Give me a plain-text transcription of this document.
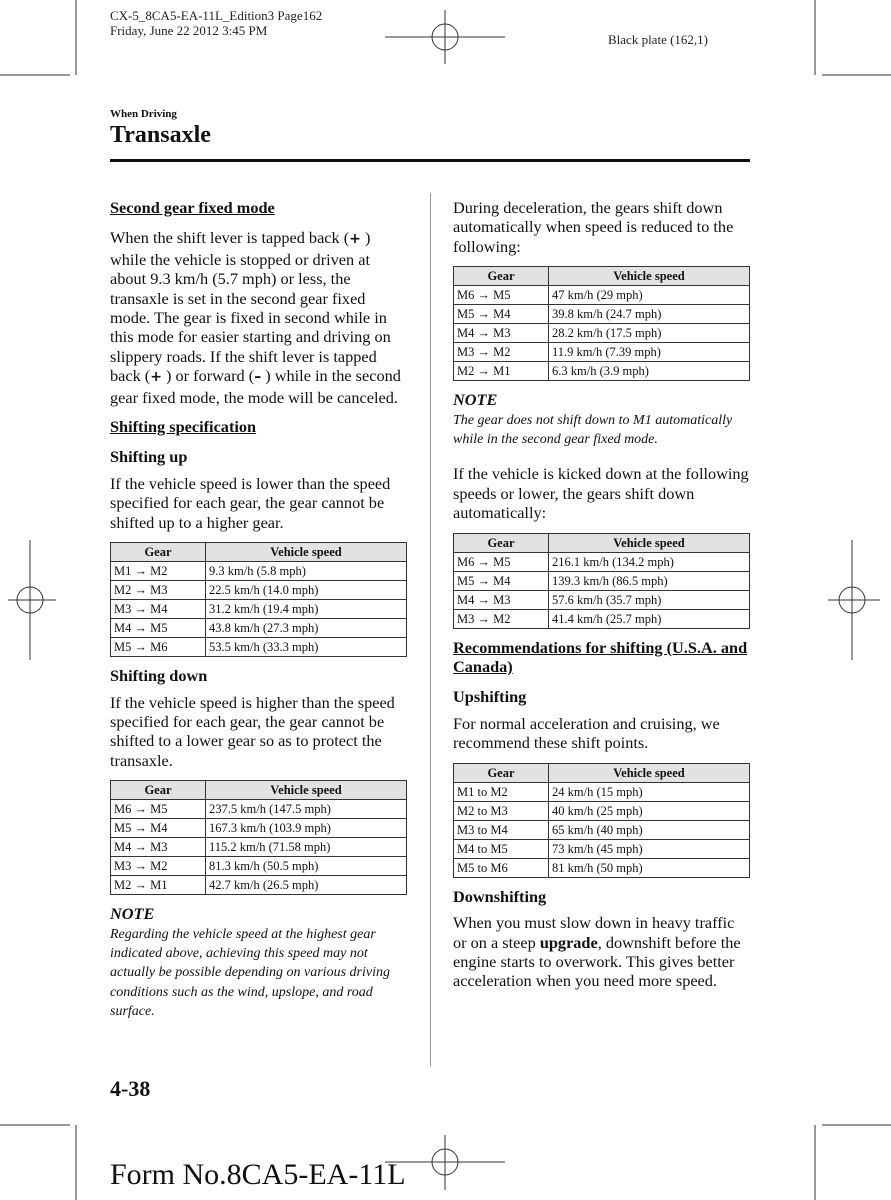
CX-5_8CA5-EA-11L_Edition3 Page162
Friday, June 22 2012 3:45 PM
Black plate (162,1)
When Driving
Transaxle
Second gear fixed mode

When the shift lever is tapped back (+ ) while the vehicle is stopped or driven at about 9.3 km/h (5.7 mph) or less, the transaxle is set in the second gear fixed mode. The gear is fixed in second while in this mode for easier starting and driving on slippery roads. If the shift lever is tapped back (+ ) or forward (– ) while in the second gear fixed mode, the mode will be canceled.

Shifting specification
Shifting up

If the vehicle speed is lower than the speed specified for each gear, the gear cannot be shifted up to a higher gear.

Gear	Vehicle speed
M1 → M2	9.3 km/h (5.8 mph)
M2 → M3	22.5 km/h (14.0 mph)
M3 → M4	31.2 km/h (19.4 mph)
M4 → M5	43.8 km/h (27.3 mph)
M5 → M6	53.5 km/h (33.3 mph)
Shifting down

If the vehicle speed is higher than the speed specified for each gear, the gear cannot be shifted to a lower gear so as to protect the transaxle.

Gear	Vehicle speed
M6 → M5	237.5 km/h (147.5 mph)
M5 → M4	167.3 km/h (103.9 mph)
M4 → M3	115.2 km/h (71.58 mph)
M3 → M2	81.3 km/h (50.5 mph)
M2 → M1	42.7 km/h (26.5 mph)
NOTE
Regarding the vehicle speed at the highest gear indicated above, achieving this speed may not actually be possible depending on various driving conditions such as the wind, upslope, and road surface.

During deceleration, the gears shift down automatically when speed is reduced to the following:

Gear	Vehicle speed
M6 → M5	47 km/h (29 mph)
M5 → M4	39.8 km/h (24.7 mph)
M4 → M3	28.2 km/h (17.5 mph)
M3 → M2	11.9 km/h (7.39 mph)
M2 → M1	6.3 km/h (3.9 mph)
NOTE
The gear does not shift down to M1 automatically while in the second gear fixed mode.

If the vehicle is kicked down at the following speeds or lower, the gears shift down automatically:

Gear	Vehicle speed
M6 → M5	216.1 km/h (134.2 mph)
M5 → M4	139.3 km/h (86.5 mph)
M4 → M3	57.6 km/h (35.7 mph)
M3 → M2	41.4 km/h (25.7 mph)
Recommendations for shifting (U.S.A. and Canada)
Upshifting

For normal acceleration and cruising, we recommend these shift points.

Gear	Vehicle speed
M1 to M2	24 km/h (15 mph)
M2 to M3	40 km/h (25 mph)
M3 to M4	65 km/h (40 mph)
M4 to M5	73 km/h (45 mph)
M5 to M6	81 km/h (50 mph)
Downshifting

When you must slow down in heavy traffic or on a steep upgrade, downshift before the engine starts to overwork. This gives better acceleration when you need more speed.

4-38
Form No.8CA5-EA-11L
